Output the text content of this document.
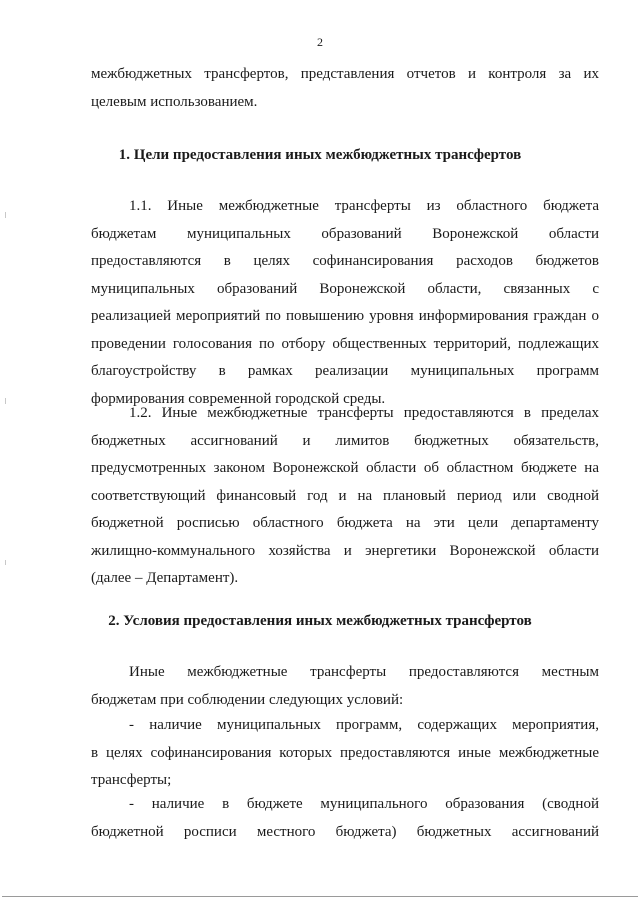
2
межбюджетных трансфертов, представления отчетов и контроля за их
целевым использованием.
1. Цели предоставления иных межбюджетных трансфертов
1.1. Иные межбюджетные трансферты из областного бюджета
бюджетам муниципальных образований Воронежской области
предоставляются в целях софинансирования расходов бюджетов
муниципальных образований Воронежской области, связанных с
реализацией мероприятий по повышению уровня информирования граждан о
проведении голосования по отбору общественных территорий, подлежащих
благоустройству в рамках реализации муниципальных программ
формирования современной городской среды.
1.2. Иные межбюджетные трансферты предоставляются в пределах
бюджетных ассигнований и лимитов бюджетных обязательств,
предусмотренных законом Воронежской области об областном бюджете на
соответствующий финансовый год и на плановый период или сводной
бюджетной росписью областного бюджета на эти цели департаменту
жилищно-коммунального хозяйства и энергетики Воронежской области
(далее – Департамент).
2. Условия предоставления иных межбюджетных трансфертов
Иные межбюджетные трансферты предоставляются местным
бюджетам при соблюдении следующих условий:
- наличие муниципальных программ, содержащих мероприятия,
в целях софинансирования которых предоставляются иные межбюджетные
трансферты;
- наличие в бюджете муниципального образования (сводной
бюджетной росписи местного бюджета) бюджетных ассигнований
